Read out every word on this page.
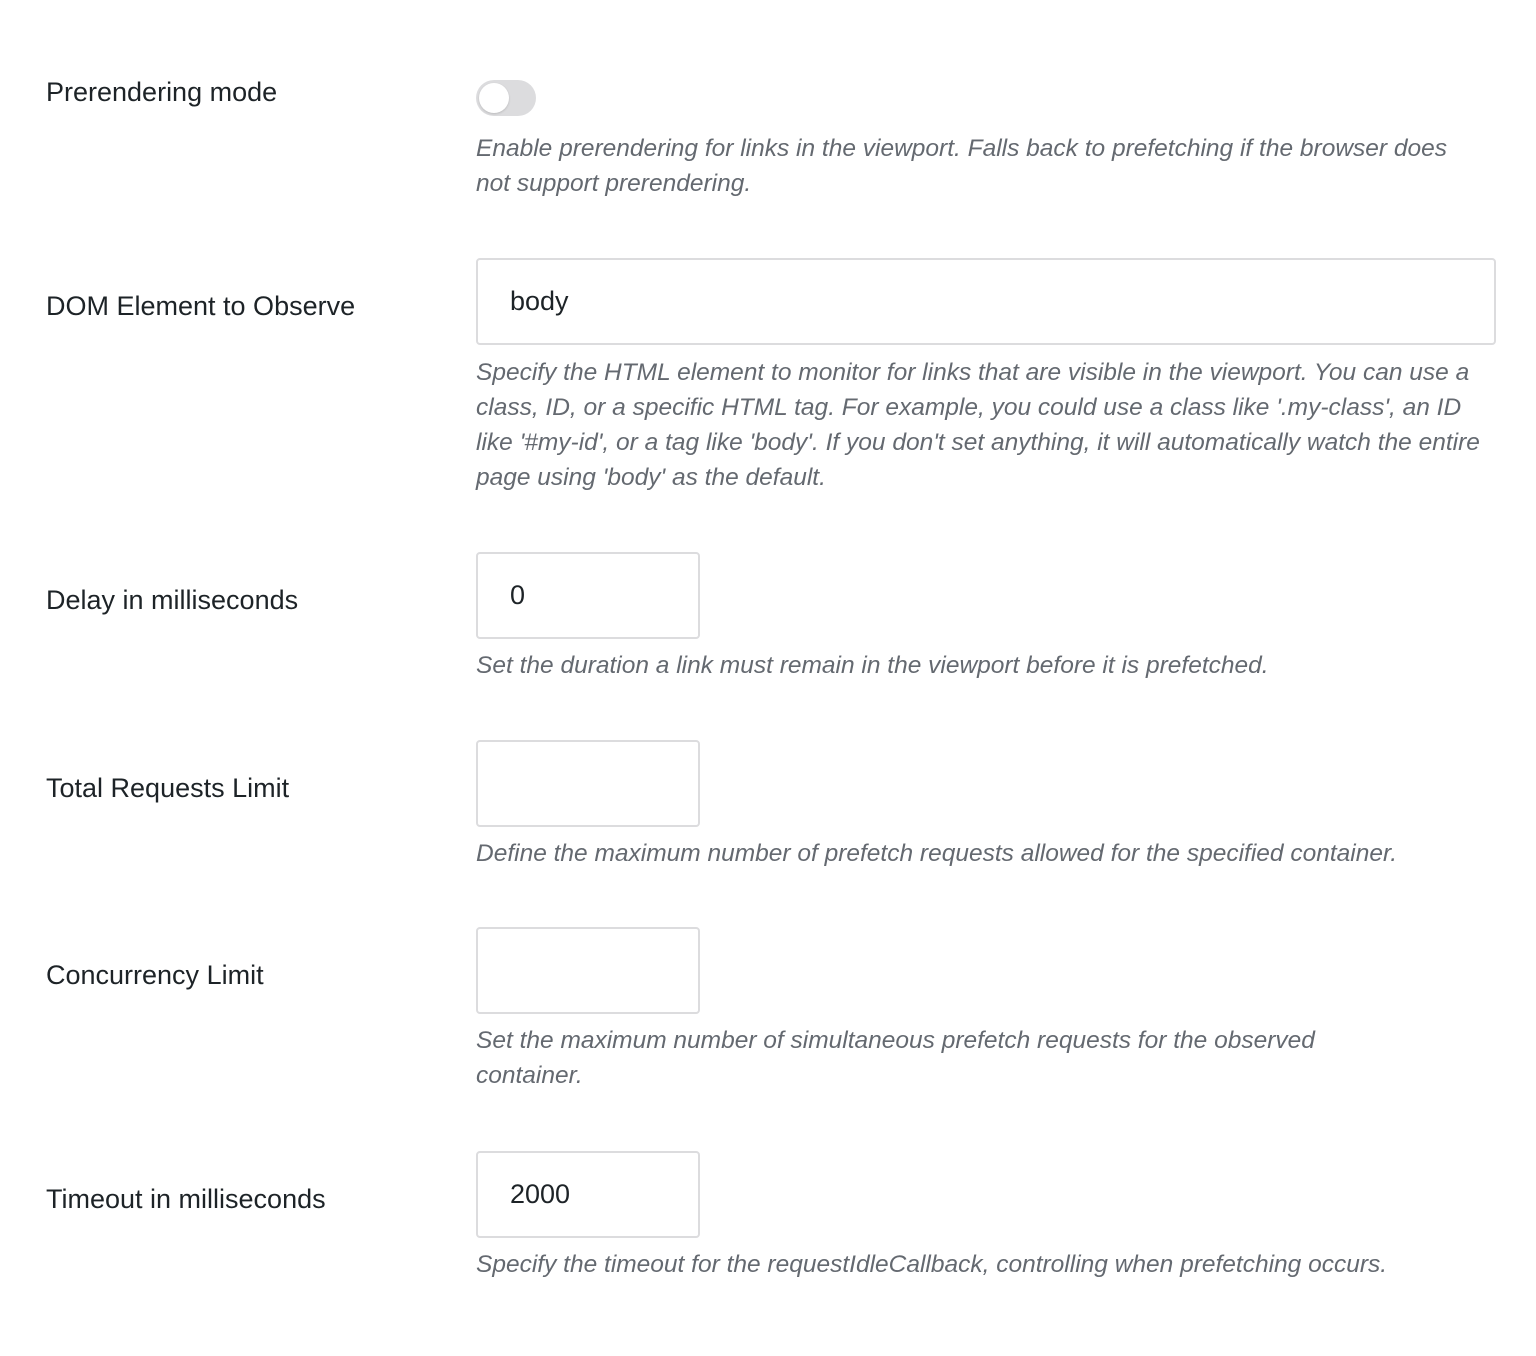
Prerendering mode
Enable prerendering for links in the viewport. Falls back to prefetching if the browser does not support prerendering.
DOM Element to Observe
body
Specify the HTML element to monitor for links that are visible in the viewport. You can use a class, ID, or a specific HTML tag. For example, you could use a class like '.my-class', an ID like '#my-id', or a tag like 'body'. If you don't set anything, it will automatically watch the entire page using 'body' as the default.
Delay in milliseconds
0
Set the duration a link must remain in the viewport before it is prefetched.
Total Requests Limit
Define the maximum number of prefetch requests allowed for the specified container.
Concurrency Limit
Set the maximum number of simultaneous prefetch requests for the observed container.
Timeout in milliseconds
2000
Specify the timeout for the requestIdleCallback, controlling when prefetching occurs.
